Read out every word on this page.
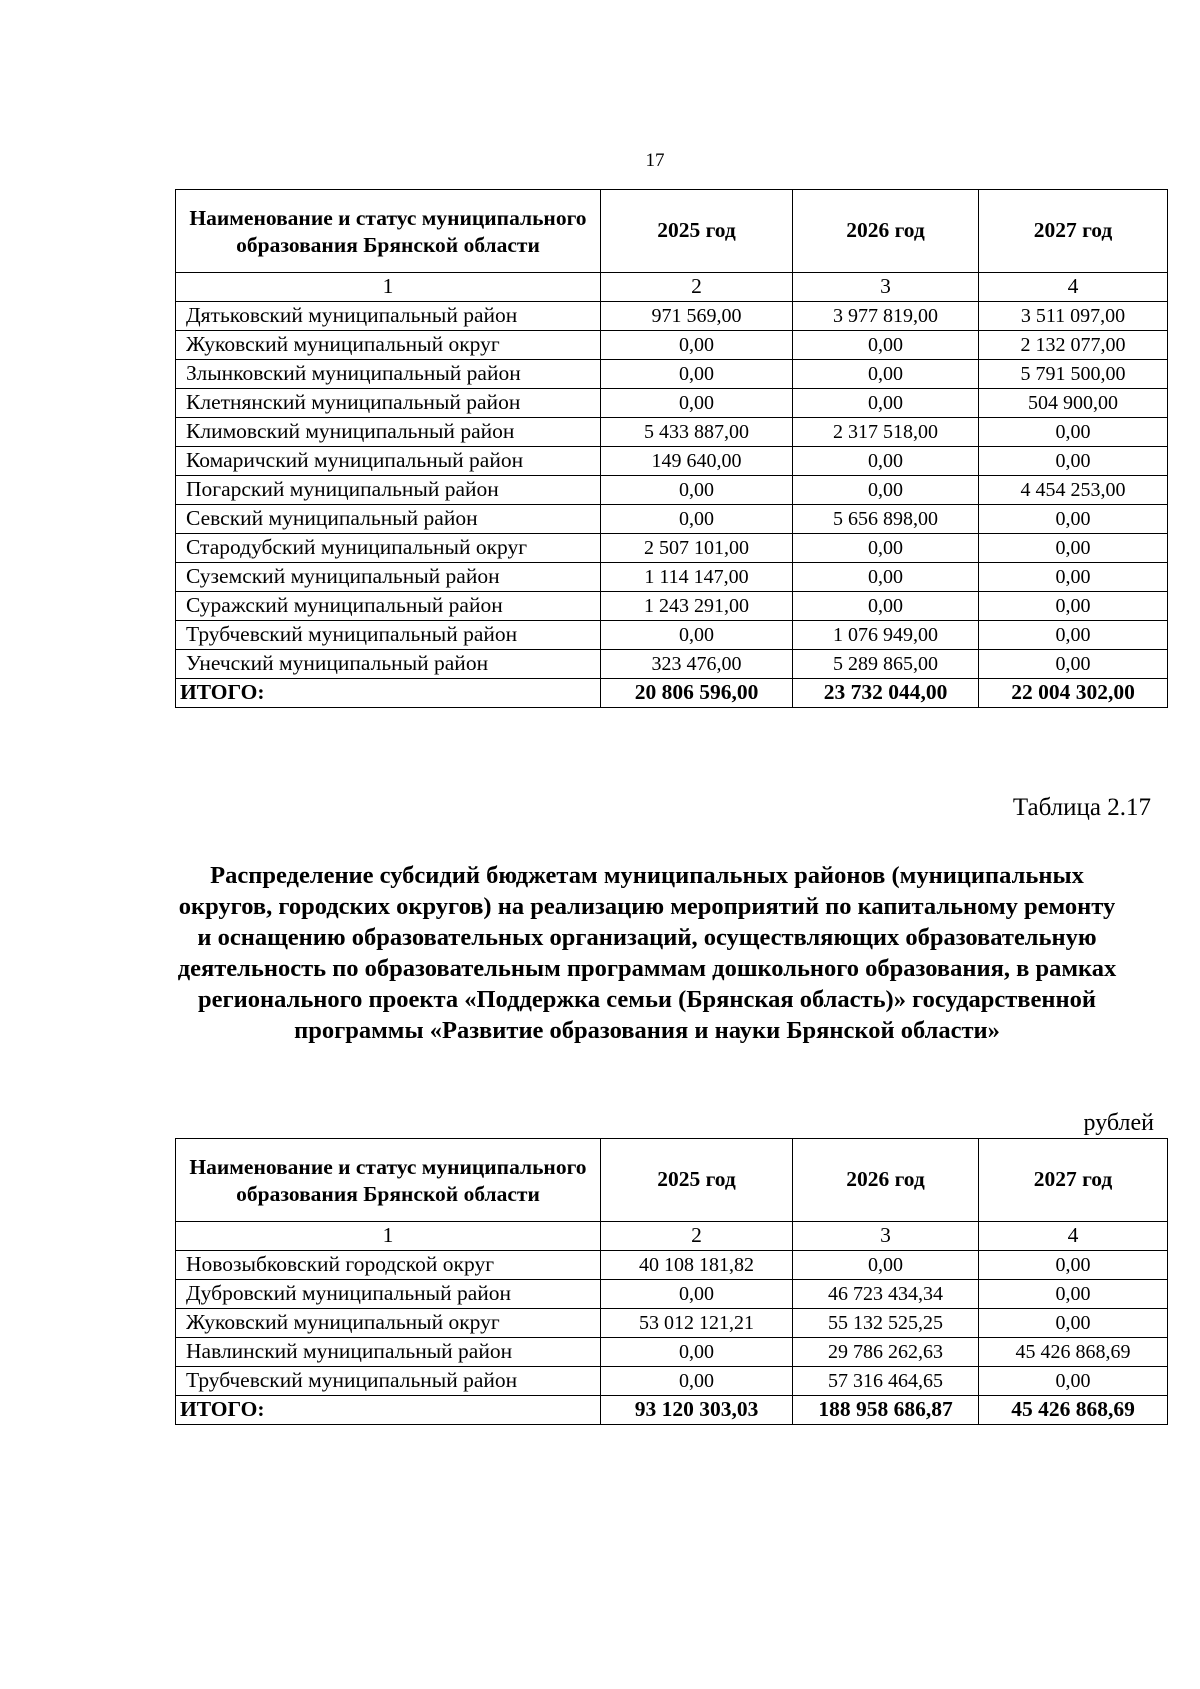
17
Наименование и статус муниципального образования Брянской области	2025 год	2026 год	2027 год
1	2	3	4
Дятьковский муниципальный район	971 569,00	3 977 819,00	3 511 097,00
Жуковский муниципальный округ	0,00	0,00	2 132 077,00
Злынковский муниципальный район	0,00	0,00	5 791 500,00
Клетнянский муниципальный район	0,00	0,00	504 900,00
Климовский муниципальный район	5 433 887,00	2 317 518,00	0,00
Комаричский муниципальный район	149 640,00	0,00	0,00
Погарский муниципальный район	0,00	0,00	4 454 253,00
Севский муниципальный район	0,00	5 656 898,00	0,00
Стародубский муниципальный округ	2 507 101,00	0,00	0,00
Суземский муниципальный район	1 114 147,00	0,00	0,00
Суражский муниципальный район	1 243 291,00	0,00	0,00
Трубчевский муниципальный район	0,00	1 076 949,00	0,00
Унечский муниципальный район	323 476,00	5 289 865,00	0,00
ИТОГО:	20 806 596,00	23 732 044,00	22 004 302,00
Таблица 2.17
Распределение субсидий бюджетам муниципальных районов (муниципальных округов, городских округов) на реализацию мероприятий по капитальному ремонту и оснащению образовательных организаций, осуществляющих образовательную деятельность по образовательным программам дошкольного образования, в рамках регионального проекта «Поддержка семьи (Брянская область)» государственной программы «Развитие образования и науки Брянской области»
рублей
Наименование и статус муниципального образования Брянской области	2025 год	2026 год	2027 год
1	2	3	4
Новозыбковский городской округ	40 108 181,82	0,00	0,00
Дубровский муниципальный район	0,00	46 723 434,34	0,00
Жуковский муниципальный округ	53 012 121,21	55 132 525,25	0,00
Навлинский муниципальный район	0,00	29 786 262,63	45 426 868,69
Трубчевский муниципальный район	0,00	57 316 464,65	0,00
ИТОГО:	93 120 303,03	188 958 686,87	45 426 868,69
